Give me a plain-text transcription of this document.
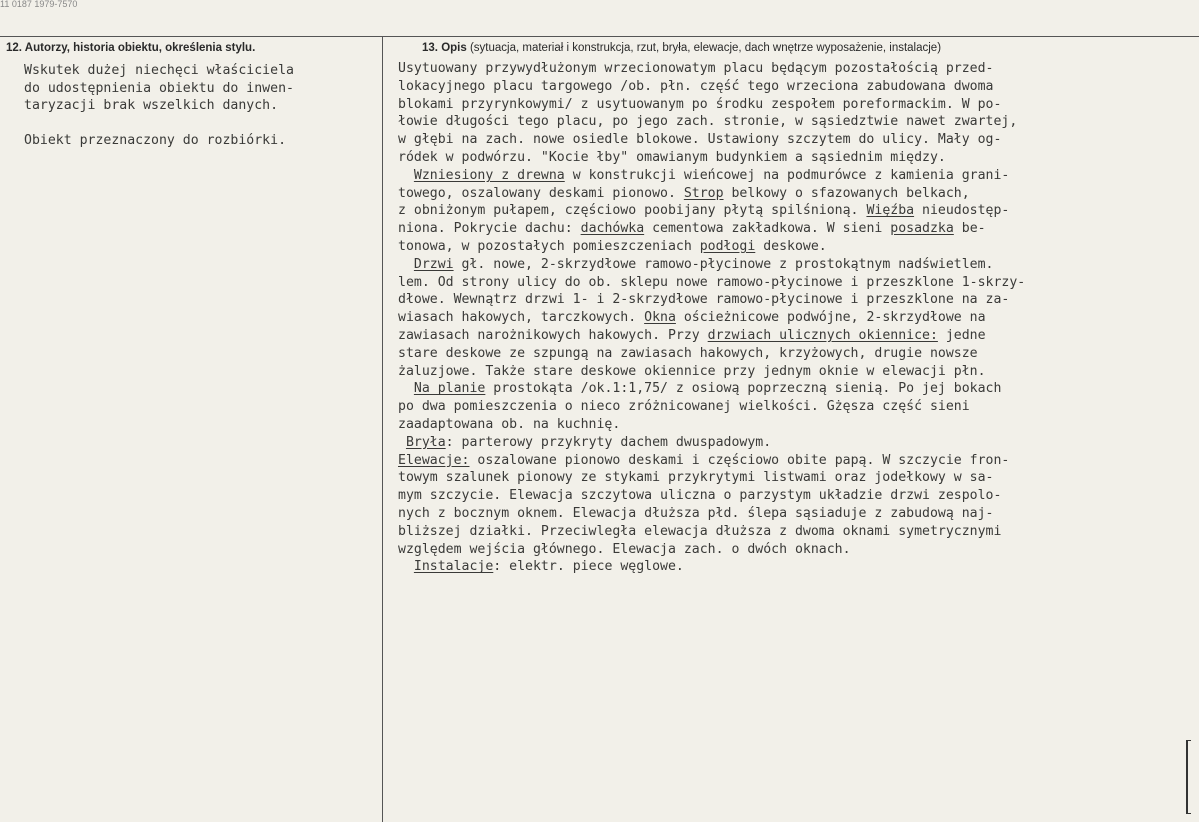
11 0187 1979-7570
12. Autorzy, historia obiektu, określenia stylu.	13. Opis (sytuacja, materiał i konstrukcja, rzut, bryła, elewacje, dach wnętrze wyposażenie, instalacje)

Wskutek dużej niechęci właściciela
do udostępnienia obiektu do inwen-
taryzacji brak wszelkich danych.

Obiekt przeznaczony do rozbiórki.

Usytuowany przywydłużonym wrzecionowatym placu będącym pozostałością przed-
lokacyjnego placu targowego /ob. płn. część tego wrzeciona zabudowana dwoma
blokami przyrynkowymi/ z usytuowanym po środku zespołem poreformackim. W po-
łowie długości tego placu, po jego zach. stronie, w sąsiedztwie nawet zwartej,
w głębi na zach. nowe osiedle blokowe. Ustawiony szczytem do ulicy. Mały og-
ródek w podwórzu. "Kocie łby" omawianym budynkiem a sąsiednim między.
Wzniesiony z drewna w konstrukcji wieńcowej na podmurówce z kamienia grani-
towego, oszalowany deskami pionowo. Strop belkowy o sfazowanych belkach,
z obniżonym pułapem, częściowo poobijany płytą spilśnioną. Więźba nieudostęp-
niona. Pokrycie dachu: dachówka cementowa zakładkowa. W sieni posadzka be-
tonowa, w pozostałych pomieszczeniach podłogi deskowe.
Drzwi gł. nowe, 2-skrzydłowe ramowo-płycinowe z prostokątnym nadświetlem.
lem. Od strony ulicy do ob. sklepu nowe ramowo-płycinowe i przeszklone 1-skrzy-
dłowe. Wewnątrz drzwi 1- i 2-skrzydłowe ramowo-płycinowe i przeszklone na za-
wiasach hakowych, tarczkowych. Okna ościeżnicowe podwójne, 2-skrzydłowe na
zawiasach narożnikowych hakowych. Przy drzwiach ulicznych okiennice: jedne
stare deskowe ze szpungą na zawiasach hakowych, krzyżowych, drugie nowsze
żaluzjowe. Także stare deskowe okiennice przy jednym oknie w elewacji płn.
Na planie prostokąta /ok.1:1,75/ z osiową poprzeczną sienią. Po jej bokach
po dwa pomieszczenia o nieco zróżnicowanej wielkości. Gżęsza część sieni
zaadaptowana ob. na kuchnię.
Bryła: parterowy przykryty dachem dwuspadowym.
Elewacje: oszalowane pionowo deskami i częściowo obite papą. W szczycie fron-
towym szalunek pionowy ze stykami przykrytymi listwami oraz jodełkowy w sa-
mym szczycie. Elewacja szczytowa uliczna o parzystym układzie drzwi zespolo-
nych z bocznym oknem. Elewacja dłuższa płd. ślepa sąsiaduje z zabudową naj-
bliższej działki. Przeciwległa elewacja dłuższa z dwoma oknami symetrycznymi
względem wejścia głównego. Elewacja zach. o dwóch oknach.
Instalacje: elektr. piece węglowe.
